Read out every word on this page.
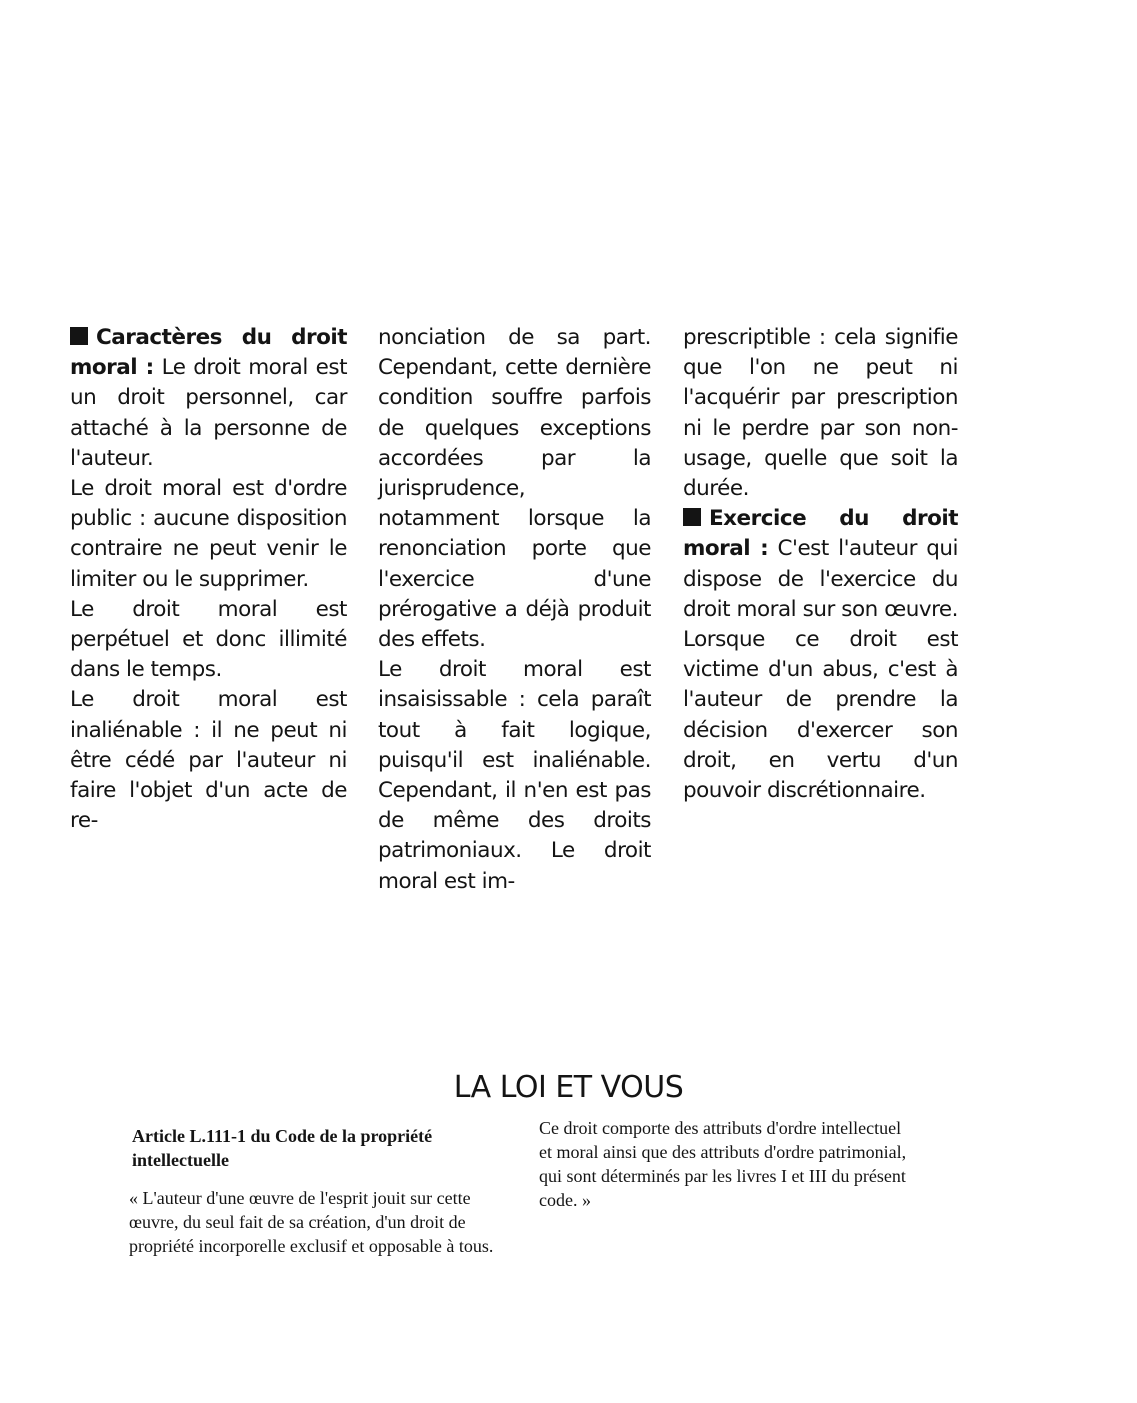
Caractères du droit moral : Le droit moral est un droit personnel, car attaché à la personne de l'auteur.

Le droit moral est d'ordre public : aucune disposition contraire ne peut venir le limiter ou le supprimer.

Le droit moral est perpétuel et donc illimité dans le temps.

Le droit moral est inaliénable : il ne peut ni être cédé par l'auteur ni faire l'objet d'un acte de re-

nonciation de sa part. Cependant, cette dernière condition souffre parfois de quelques exceptions accordées par la jurisprudence, notamment lorsque la renonciation porte que l'exercice d'une prérogative a déjà produit des effets.

Le droit moral est insaisissable : cela paraît tout à fait logique, puisqu'il est inaliénable. Cependant, il n'en est pas de même des droits patrimoniaux. Le droit moral est im-

prescriptible : cela signifie que l'on ne peut ni l'acquérir par prescription ni le perdre par son non-usage, quelle que soit la durée.

Exercice du droit moral : C'est l'auteur qui dispose de l'exercice du droit moral sur son œuvre. Lorsque ce droit est victime d'un abus, c'est à l'auteur de prendre la décision d'exercer son droit, en vertu d'un pouvoir discrétionnaire.

LA LOI ET VOUS
Article L.111-1 du Code de la propriété intellectuelle

« L'auteur d'une œuvre de l'esprit jouit sur cette œuvre, du seul fait de sa création, d'un droit de propriété incorporelle exclusif et opposable à tous.

Ce droit comporte des attributs d'ordre intellectuel et moral ainsi que des attributs d'ordre patrimonial, qui sont déterminés par les livres I et III du présent code. »
